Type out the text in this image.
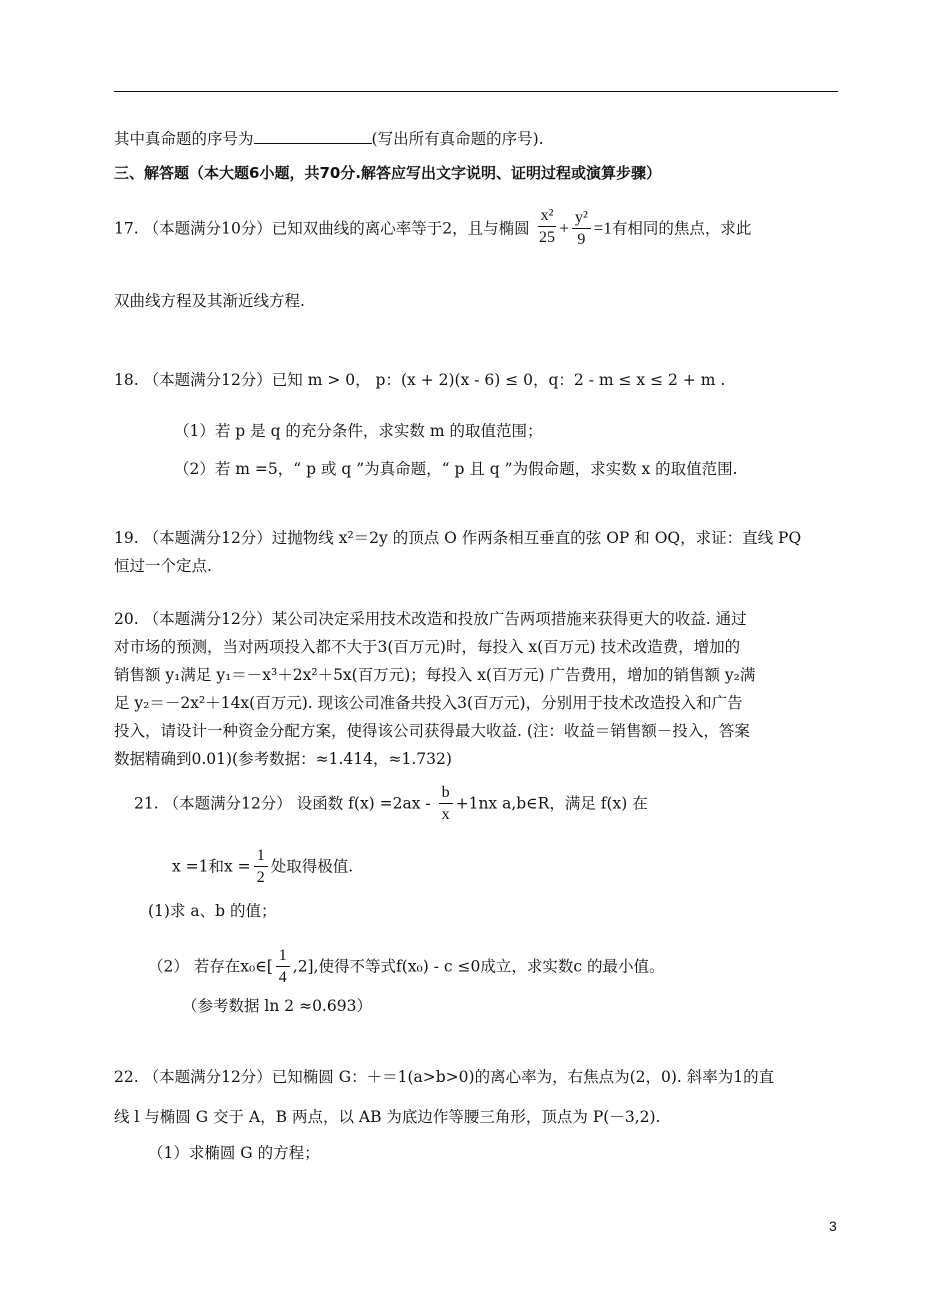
其中真命题的序号为	(写出所有真命题的序号).
三、解答题（本大题6小题，共70分.解答应写出文字说明、证明过程或演算步骤）
17. （本题满分10分）已知双曲线的离心率等于2，且与椭圆 $\frac{\text{x²}}{25} + \frac{\text{y²}}{9} =1$有相同的焦点，求此
双曲线方程及其渐近线方程.
18. （本题满分12分）已知 m > 0， p：(x + 2)(x - 6) ≤ 0，q：2 - m ≤ x ≤ 2 + m .
（1）若 p 是 q 的充分条件，求实数 m 的取值范围；
（2）若 m =5，“ p 或 q ”为真命题，“ p 且 q ”为假命题，求实数 x 的取值范围.
19. （本题满分12分）过抛物线 x²＝2y 的顶点 O 作两条相互垂直的弦 OP 和 OQ，求证：直线 PQ
恒过一个定点.
20. （本题满分12分）某公司决定采用技术改造和投放广告两项措施来获得更大的收益. 通过
对市场的预测，当对两项投入都不大于3(百万元)时，每投入 x(百万元) 技术改造费，增加的
销售额 y₁满足 y₁＝－x³＋2x²＋5x(百万元)；每投入 x(百万元) 广告费用，增加的销售额 y₂满
足 y₂＝－2x²＋14x(百万元). 现该公司准备共投入3(百万元)，分别用于技术改造投入和广告
投入，请设计一种资金分配方案，使得该公司获得最大收益. (注：收益＝销售额－投入，答案
数据精确到0.01)(参考数据：≈1.414，≈1.732)
21. （本题满分12分） 设函数 $f(x) =2ax - \frac{b}{x} +1nx$ a,b∈R，满足 f(x) 在
x =1和$x = \frac{1}{2}$ 处取得极值.
(1)求 a、b 的值；
（2） 若存在x₀∈[ $\frac{1}{4} ,2$],使得不等式f(x₀) - c ≤0成立，求实数c 的最小值。
（参考数据 ln 2 ≈0.693）
22. （本题满分12分）已知椭圆 G：＋＝1(a>b>0)的离心率为，右焦点为(2，0). 斜率为1的直
线 l 与椭圆 G 交于 A，B 两点，以 AB 为底边作等腰三角形，顶点为 P(－3,2).
（1）求椭圆 G 的方程；
3
